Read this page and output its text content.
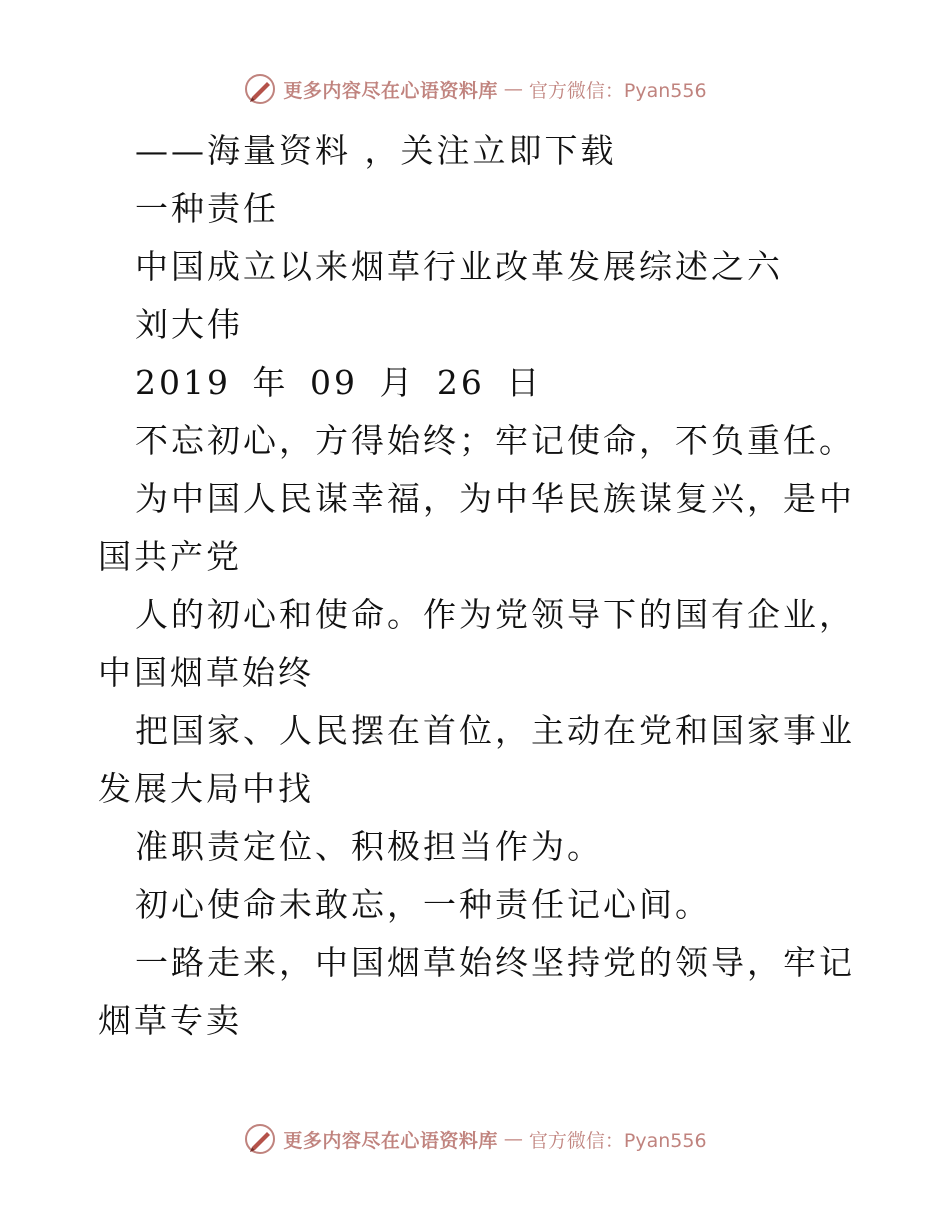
更多内容尽在心语资料库 — 官方微信：Pyan556

——海量资料 ，关注立即下载

一种责任

中国成立以来烟草行业改革发展综述之六

刘大伟

2019 年 09 月 26 日

不忘初心，方得始终；牢记使命，不负重任。

为中国人民谋幸福，为中华民族谋复兴，是中国共产党

人的初心和使命。作为党领导下的国有企业，中国烟草始终

把国家、人民摆在首位，主动在党和国家事业发展大局中找

准职责定位、积极担当作为。

初心使命未敢忘，一种责任记心间。

一路走来，中国烟草始终坚持党的领导，牢记烟草专卖

更多内容尽在心语资料库 — 官方微信：Pyan556
